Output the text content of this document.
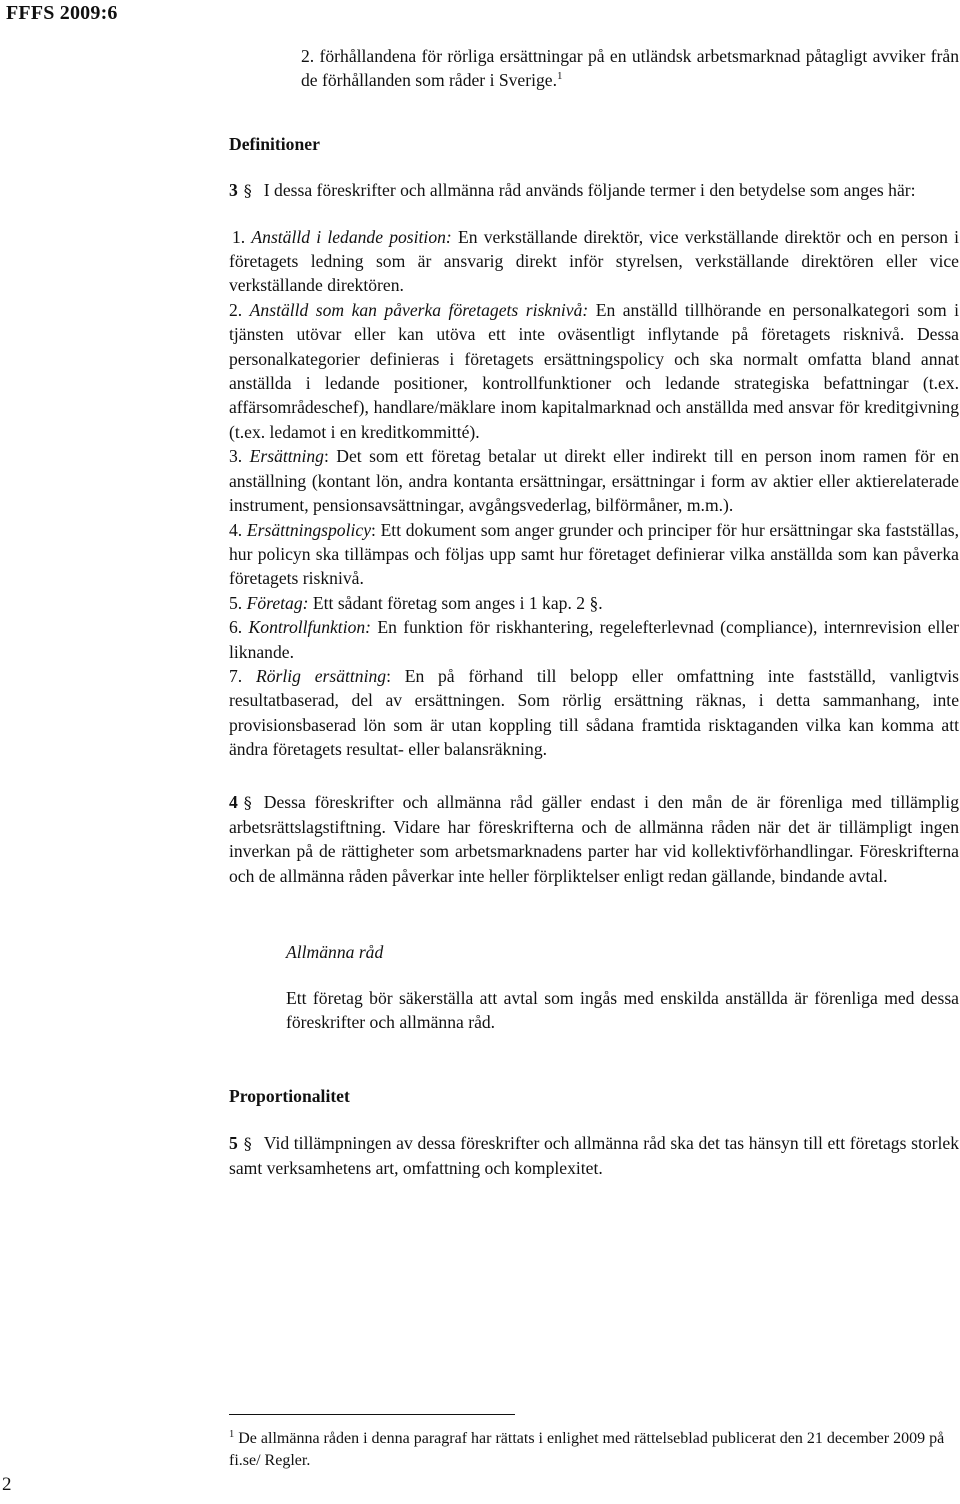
FFFS 2009:6

2. förhållandena för rörliga ersättningar på en utländsk arbetsmarknad påtagligt avviker från de förhållanden som råder i Sverige.$^1$

Definitioner

3 § I dessa föreskrifter och allmänna råd används följande termer i den betydelse som anges här:

1. Anställd i ledande position: En verkställande direktör, vice verkställande direktör och en person i företagets ledning som är ansvarig direkt inför styrelsen, verkställande direktören eller vice verkställande direktören.
2. Anställd som kan påverka företagets risknivå: En anställd tillhörande en personalkategori som i tjänsten utövar eller kan utöva ett inte oväsentligt inflytande på företagets risknivå. Dessa personalkategorier definieras i företagets ersättningspolicy och ska normalt omfatta bland annat anställda i ledande positioner, kontrollfunktioner och ledande strategiska befattningar (t.ex. affärsområdeschef), handlare/mäklare inom kapitalmarknad och anställda med ansvar för kreditgivning (t.ex. ledamot i en kreditkommitté).
3. Ersättning: Det som ett företag betalar ut direkt eller indirekt till en person inom ramen för en anställning (kontant lön, andra kontanta ersättningar, ersättningar i form av aktier eller aktierelaterade instrument, pensionsavsättningar, avgångsvederlag, bilförmåner, m.m.).
4. Ersättningspolicy: Ett dokument som anger grunder och principer för hur ersättningar ska fastställas, hur policyn ska tillämpas och följas upp samt hur företaget definierar vilka anställda som kan påverka företagets risknivå.
5. Företag: Ett sådant företag som anges i 1 kap. 2 §.
6. Kontrollfunktion: En funktion för riskhantering, regelefterlevnad (compliance), internrevision eller liknande.
7. Rörlig ersättning: En på förhand till belopp eller omfattning inte fastställd, vanligtvis resultatbaserad, del av ersättningen. Som rörlig ersättning räknas, i detta sammanhang, inte provisionsbaserad lön som är utan koppling till sådana framtida risktaganden vilka kan komma att ändra företagets resultat- eller balansräkning.

4 § Dessa föreskrifter och allmänna råd gäller endast i den mån de är förenliga med tillämplig arbetsrättslagstiftning. Vidare har föreskrifterna och de allmänna råden när det är tillämpligt ingen inverkan på de rättigheter som arbetsmarknadens parter har vid kollektivförhandlingar. Föreskrifterna och de allmänna råden påverkar inte heller förpliktelser enligt redan gällande, bindande avtal.

Allmänna råd

Ett företag bör säkerställa att avtal som ingås med enskilda anställda är förenliga med dessa föreskrifter och allmänna råd.

Proportionalitet

5 § Vid tillämpningen av dessa föreskrifter och allmänna råd ska det tas hänsyn till ett företags storlek samt verksamhetens art, omfattning och komplexitet.

$^1$ De allmänna råden i denna paragraf har rättats i enlighet med rättelseblad publicerat den 21 december 2009 på fi.se/ Regler.
2
